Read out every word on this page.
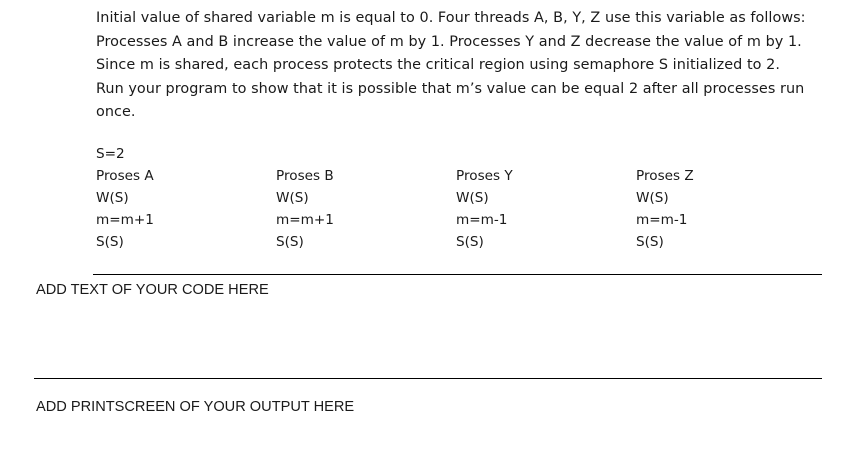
Initial value of shared variable m is equal to 0. Four threads A, B, Y, Z use this variable as follows:
Processes A and B increase the value of m by 1. Processes Y and Z decrease the value of m by 1.
Since m is shared, each process protects the critical region using semaphore S initialized to 2.
Run your program to show that it is possible that m’s value can be equal 2 after all processes run
once.
S=2
Proses A
W(S)
m=m+1
S(S)
Proses B
W(S)
m=m+1
S(S)
Proses Y
W(S)
m=m-1
S(S)
Proses Z
W(S)
m=m-1
S(S)
ADD TEXT OF YOUR CODE HERE
ADD PRINTSCREEN OF YOUR OUTPUT HERE
